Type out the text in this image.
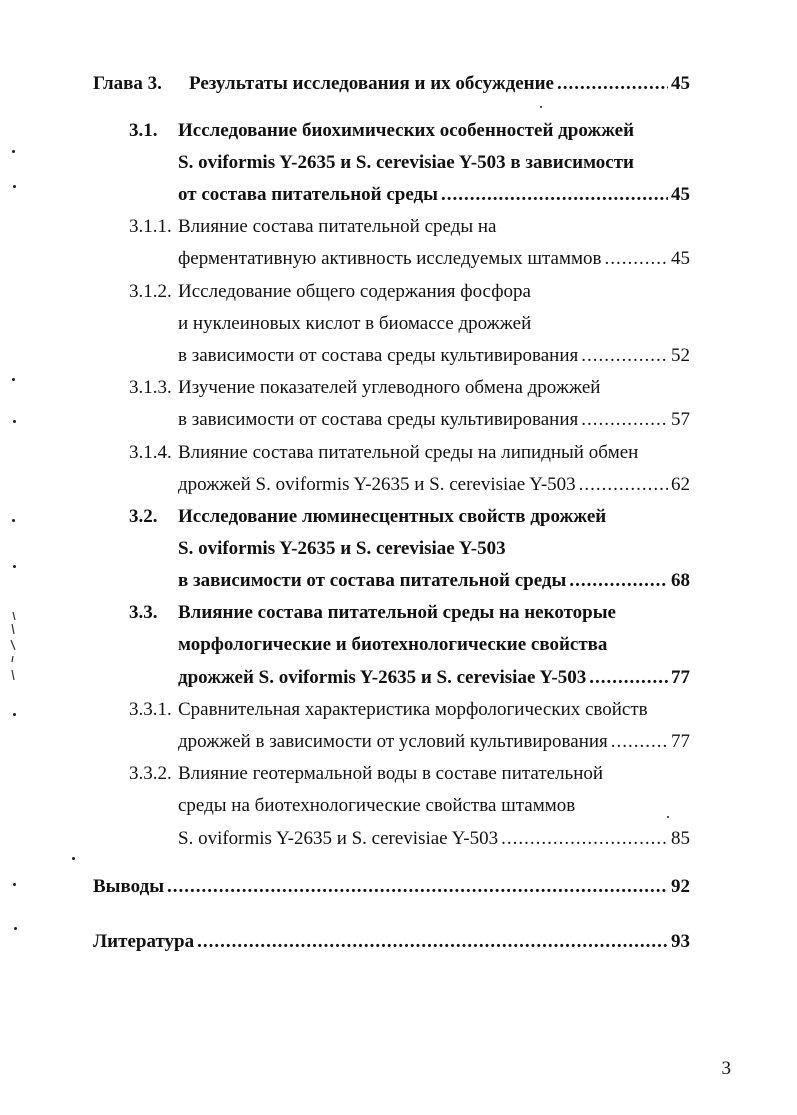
Глава 3. Результаты исследования и их обсуждение .....	45
3.1. Исследование биохимических особенностей дрожжей
S. oviformis Y-2635 и S. cerevisiae Y-503 в зависимости
от состава питательной среды .....	45
3.1.1. Влияние состава питательной среды на
ферментативную активность исследуемых штаммов .....	45
3.1.2. Исследование общего содержания фосфора
и нуклеиновых кислот в биомассе дрожжей
в зависимости от состава среды культивирования .....	52
3.1.3. Изучение показателей углеводного обмена дрожжей
в зависимости от состава среды культивирования .....	57
3.1.4. Влияние состава питательной среды на липидный обмен
дрожжей S. oviformis Y-2635 и S. cerevisiae Y-503 .....	62
3.2. Исследование люминесцентных свойств дрожжей
S. oviformis Y-2635 и S. cerevisiae Y-503
в зависимости от состава питательной среды .....	68
3.3. Влияние состава питательной среды на некоторые
морфологические и биотехнологические свойства
дрожжей S. oviformis Y-2635 и S. cerevisiae Y-503 .....	77
3.3.1. Сравнительная характеристика морфологических свойств
дрожжей в зависимости от условий культивирования .....	77
3.3.2. Влияние геотермальной воды в составе питательной
среды на биотехнологические свойства штаммов
S. oviformis Y-2635 и S. cerevisiae Y-503 .....	85
Выводы .....	92
Литература .....	93
3
